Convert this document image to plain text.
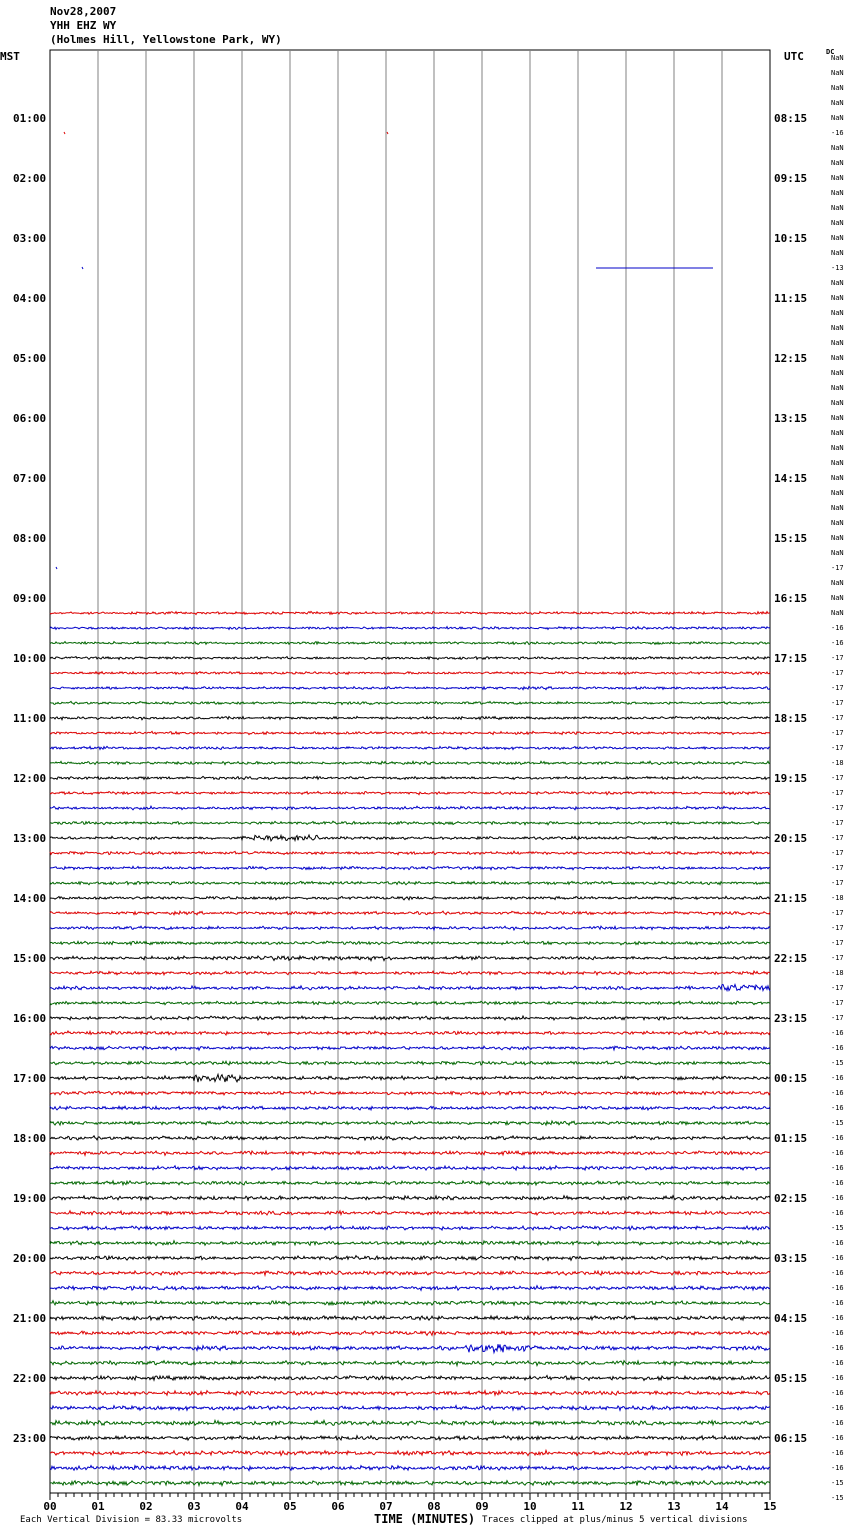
Nov28,2007
YHH EHZ WY
(Holmes Hill, Yellowstone Park, WY)
MST	UTC	DC
00	01	02	03	04	05	06	07	08	09	10	11	12	13	14	15
01:00	08:15
02:00	09:15
03:00	10:15
04:00	11:15
05:00	12:15
06:00	13:15
07:00	14:15
08:00	15:15
09:00	16:15
10:00	17:15
11:00	18:15
12:00	19:15
13:00	20:15
14:00	21:15
15:00	22:15
16:00	23:15
17:00	00:15
18:00	01:15
19:00	02:15
20:00	03:15
21:00	04:15
22:00	05:15
23:00	06:15
NaN
NaN
NaN
NaN
NaN
-16
NaN
NaN
NaN
NaN
NaN
NaN
NaN
NaN
-13
NaN
NaN
NaN
NaN
NaN
NaN
NaN
NaN
NaN
NaN
NaN
NaN
NaN
NaN
NaN
NaN
NaN
NaN
NaN
-17
NaN
NaN
NaN
-16
-16
-17
-17
-17
-17
-17
-17
-17
-18
-17
-17
-17
-17
-17
-17
-17
-17
-18
-17
-17
-17
-17
-18
-17
-17
-17
-16
-16
-15
-16
-16
-16
-15
-16
-16
-16
-16
-16
-16
-15
-16
-16
-16
-16
-16
-16
-16
-16
-16
-16
-16
-16
-16
-16
-16
-16
-15
-15
Each Vertical Division = 83.33 microvolts	TIME (MINUTES) Traces clipped at plus/minus 5 vertical divisions
